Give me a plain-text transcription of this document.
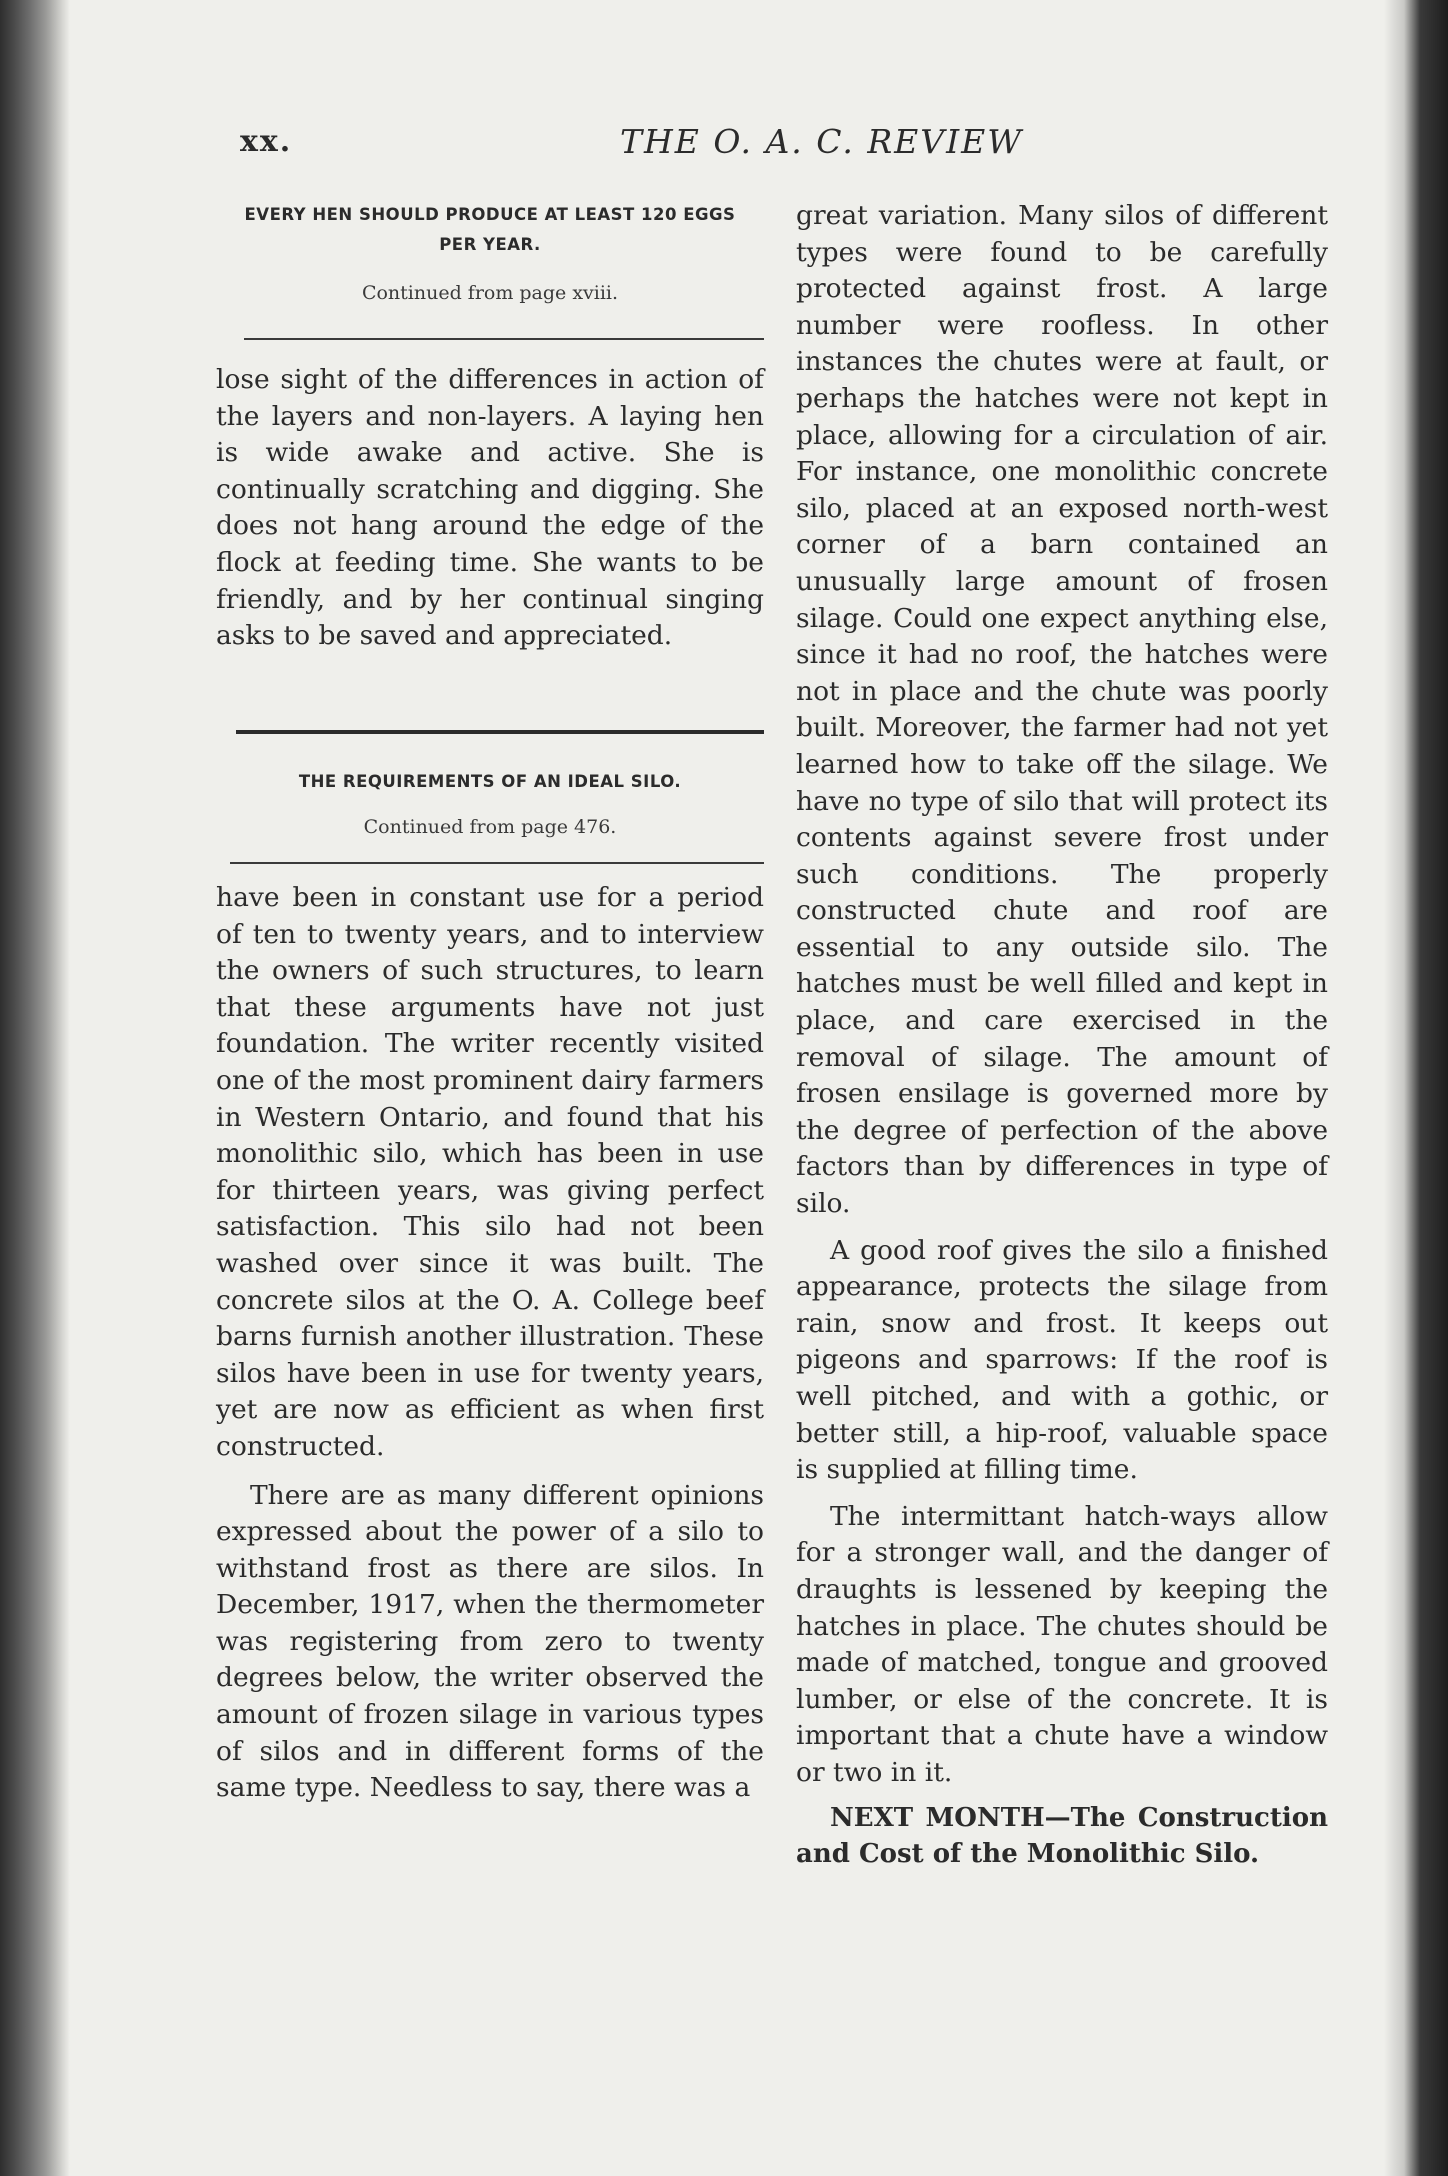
xx.	THE O. A. C. REVIEW
EVERY HEN SHOULD PRODUCE AT LEAST 120 EGGS
PER YEAR.
Continued from page xviii.

lose sight of the differences in action of the layers and non-layers. A laying hen is wide awake and active. She is continually scratching and digging. She does not hang around the edge of the flock at feeding time. She wants to be friendly, and by her continual singing asks to be saved and appreciated.

THE REQUIREMENTS OF AN IDEAL SILO.
Continued from page 476.

have been in constant use for a period of ten to twenty years, and to interview the owners of such structures, to learn that these arguments have not just foundation. The writer recently visited one of the most prominent dairy farmers in Western Ontario, and found that his monolithic silo, which has been in use for thirteen years, was giving perfect satisfaction. This silo had not been washed over since it was built. The concrete silos at the O. A. College beef barns furnish another illustration. These silos have been in use for twenty years, yet are now as efficient as when first constructed.

There are as many different opinions expressed about the power of a silo to withstand frost as there are silos. In December, 1917, when the thermometer was registering from zero to twenty degrees below, the writer observed the amount of frozen silage in various types of silos and in different forms of the same type. Needless to say, there was a

great variation. Many silos of different types were found to be carefully protected against frost. A large number were roofless. In other instances the chutes were at fault, or perhaps the hatches were not kept in place, allowing for a circulation of air. For instance, one monolithic concrete silo, placed at an exposed north-west corner of a barn contained an unusually large amount of frosen silage. Could one expect anything else, since it had no roof, the hatches were not in place and the chute was poorly built. Moreover, the farmer had not yet learned how to take off the silage. We have no type of silo that will protect its contents against severe frost under such conditions. The properly constructed chute and roof are essential to any outside silo. The hatches must be well filled and kept in place, and care exercised in the removal of silage. The amount of frosen ensilage is governed more by the degree of perfection of the above factors than by differences in type of silo.

A good roof gives the silo a finished appearance, protects the silage from rain, snow and frost. It keeps out pigeons and sparrows: If the roof is well pitched, and with a gothic, or better still, a hip-roof, valuable space is supplied at filling time.

The intermittant hatch-ways allow for a stronger wall, and the danger of draughts is lessened by keeping the hatches in place. The chutes should be made of matched, tongue and grooved lumber, or else of the concrete. It is important that a chute have a window or two in it.

NEXT MONTH—The Construction and Cost of the Monolithic Silo.
